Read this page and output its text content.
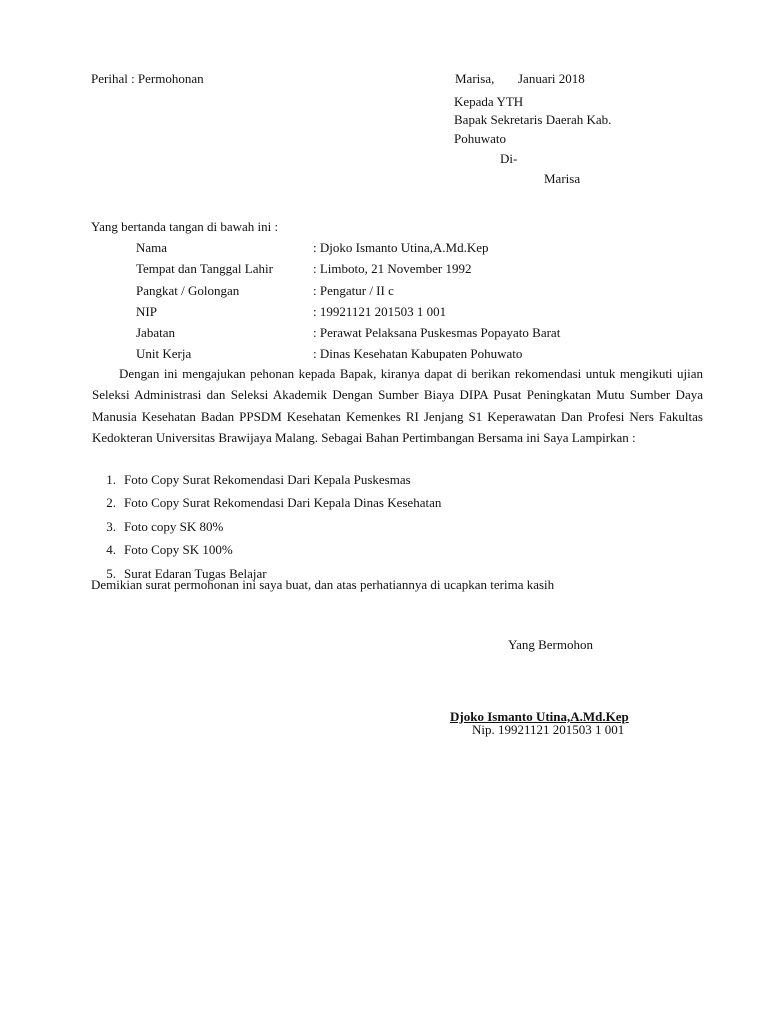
Perihal : Permohonan	Marisa, Januari 2018
Kepada YTH
Bapak Sekretaris Daerah Kab.
Pohuwato
Di-
Marisa
Yang bertanda tangan di bawah ini :
Nama	: Djoko Ismanto Utina,A.Md.Kep
Tempat dan Tanggal Lahir	: Limboto, 21 November 1992
Pangkat / Golongan	: Pengatur / II c
NIP	: 19921121 201503 1 001
Jabatan	: Perawat Pelaksana Puskesmas Popayato Barat
Unit Kerja	: Dinas Kesehatan Kabupaten Pohuwato
Dengan ini mengajukan pehonan kepada Bapak, kiranya dapat di berikan rekomendasi untuk mengikuti ujian Seleksi Administrasi dan Seleksi Akademik Dengan Sumber Biaya DIPA Pusat Peningkatan Mutu Sumber Daya Manusia Kesehatan Badan PPSDM Kesehatan Kemenkes RI Jenjang S1 Keperawatan Dan Profesi Ners Fakultas Kedokteran Universitas Brawijaya Malang. Sebagai Bahan Pertimbangan Bersama ini Saya Lampirkan :
1. Foto Copy Surat Rekomendasi Dari Kepala Puskesmas
2. Foto Copy Surat Rekomendasi Dari Kepala Dinas Kesehatan
3. Foto copy SK 80%
4. Foto Copy SK 100%
5. Surat Edaran Tugas Belajar
Demikian surat permohonan ini saya buat, dan atas perhatiannya di ucapkan terima kasih
Yang Bermohon
Djoko Ismanto Utina,A.Md.Kep
Nip. 19921121 201503 1 001
